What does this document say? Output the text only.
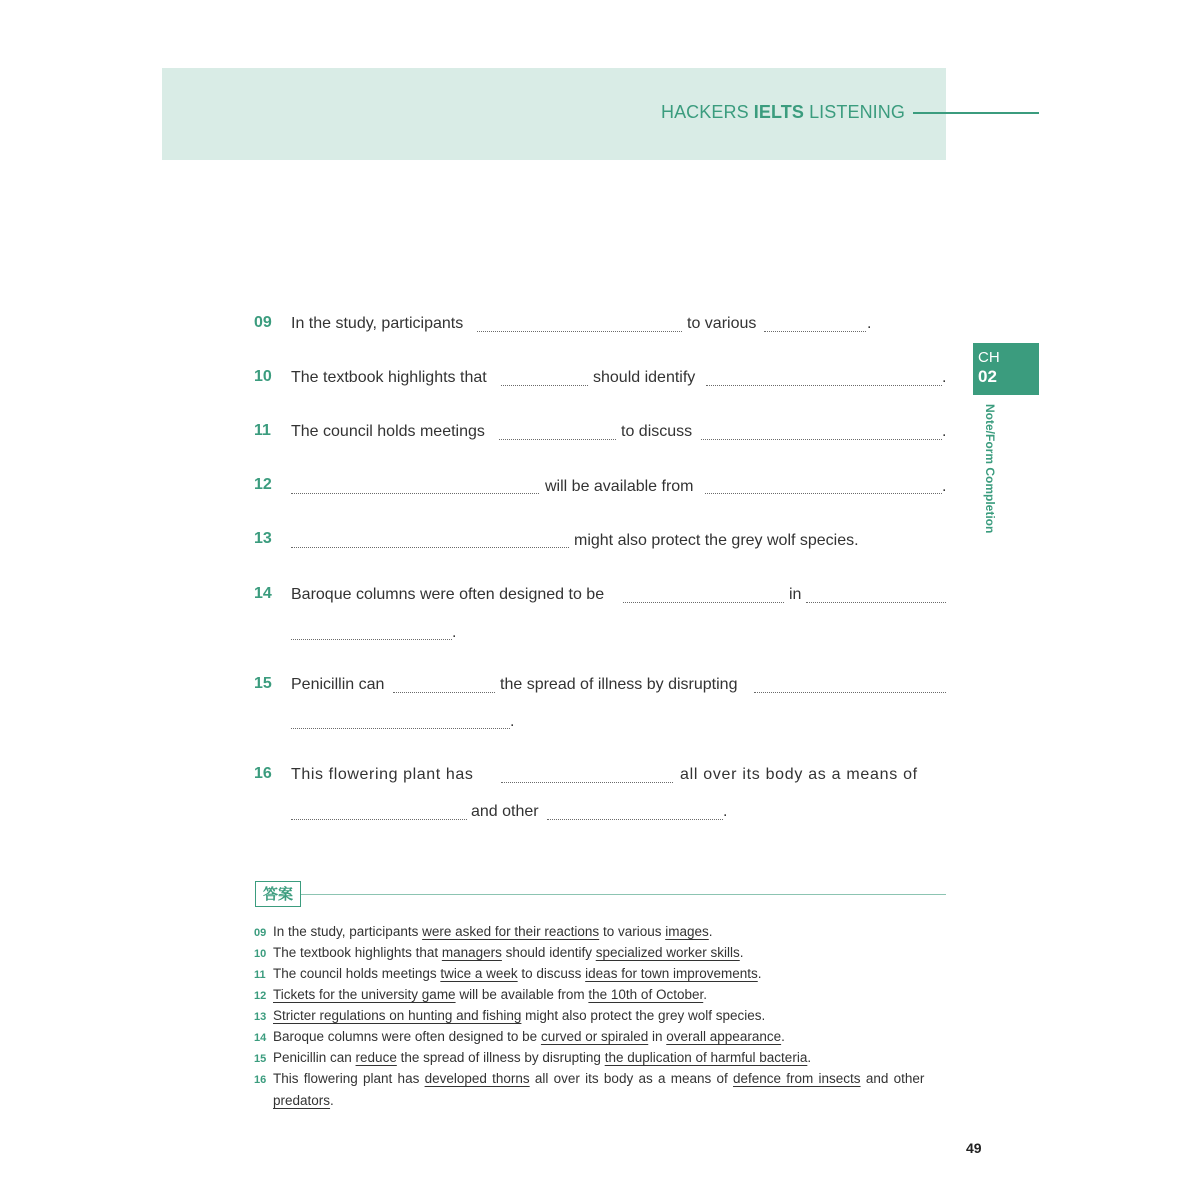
HACKERS IELTS LISTENING
CH
02
Note/Form Completion
09 In the study, participants	to various	.
10 The textbook highlights that	should identify	.
11 The council holds meetings	to discuss	.
12	will be available from	.
13	might also protect the grey wolf species.
14 Baroque columns were often designed to be	in
.
15 Penicillin can	the spread of illness by disrupting
.
16 This flowering plant has	all over its body as a means of
and other	.
答案
09 In the study, participants were asked for their reactions to various images.
10 The textbook highlights that managers should identify specialized worker skills.
11 The council holds meetings twice a week to discuss ideas for town improvements.
12 Tickets for the university game will be available from the 10th of October.
13 Stricter regulations on hunting and fishing might also protect the grey wolf species.
14 Baroque columns were often designed to be curved or spiraled in overall appearance.
15 Penicillin can reduce the spread of illness by disrupting the duplication of harmful bacteria.
16 This flowering plant has developed thorns all over its body as a means of defence from insects and other
predators.
49
